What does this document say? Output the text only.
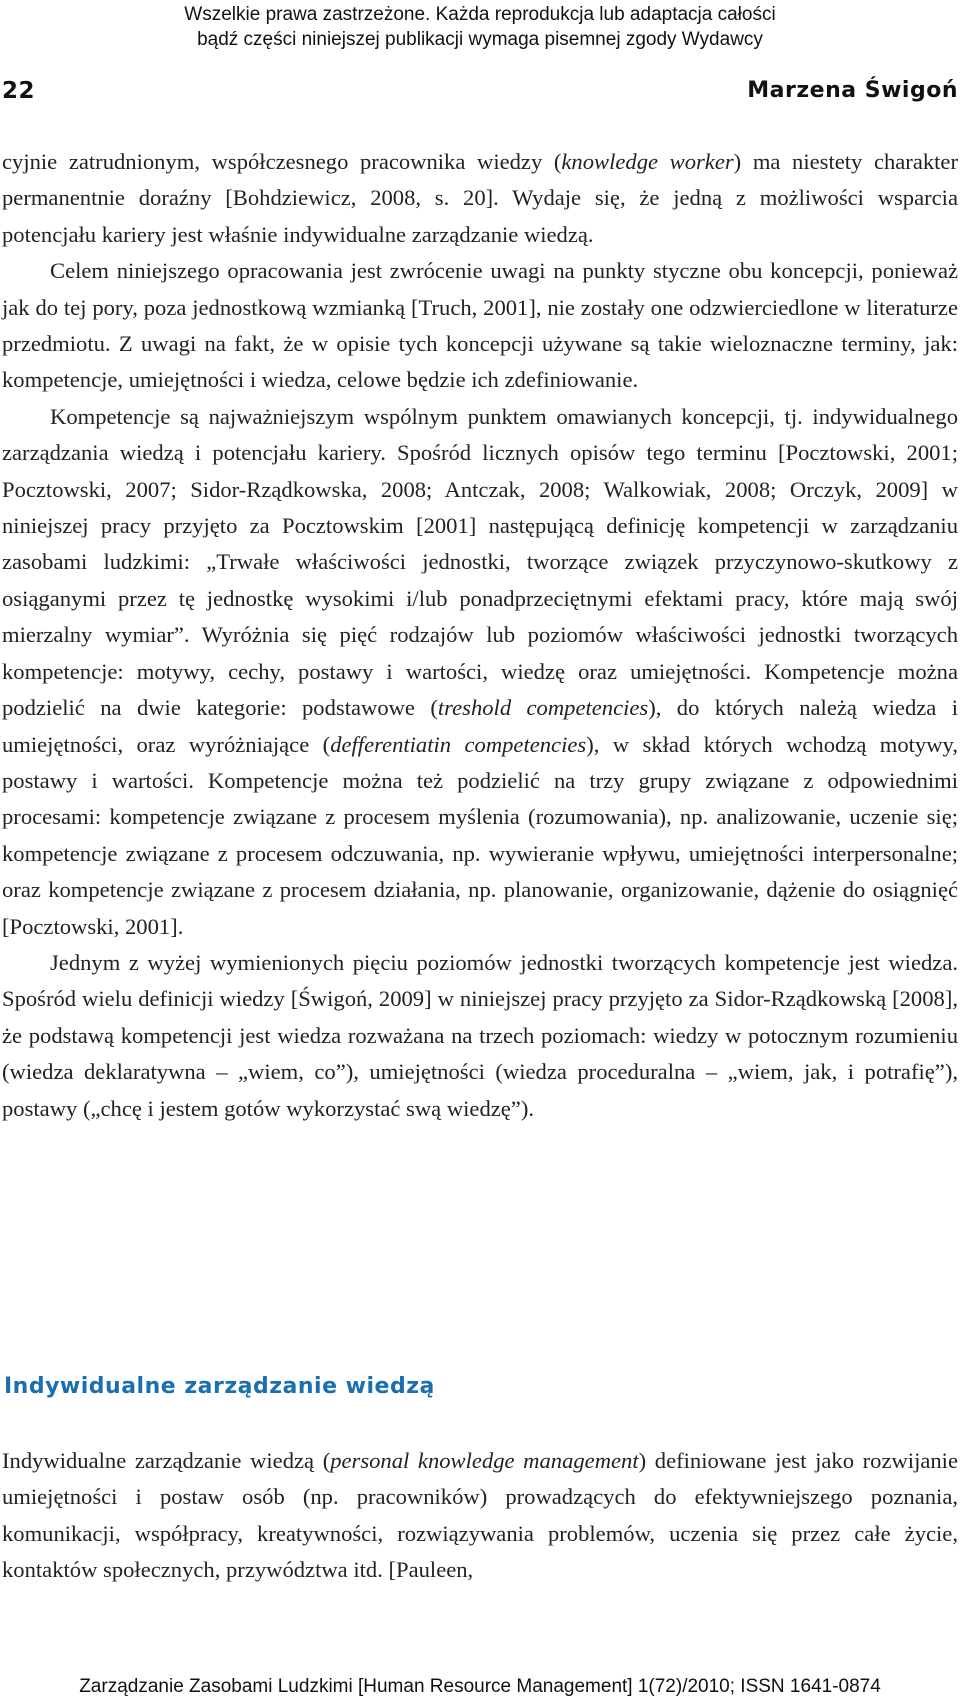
Wszelkie prawa zastrzeżone. Każda reprodukcja lub adaptacja całości
bądź części niniejszej publikacji wymaga pisemnej zgody Wydawcy
22	Marzena Świgoń

cyjnie zatrudnionym, współczesnego pracownika wiedzy (knowledge worker) ma niestety charakter permanentnie doraźny [Bohdziewicz, 2008, s. 20]. Wydaje się, że jedną z możliwości wsparcia potencjału kariery jest właśnie indywidualne zarządzanie wiedzą.

Celem niniejszego opracowania jest zwrócenie uwagi na punkty styczne obu koncepcji, ponieważ jak do tej pory, poza jednostkową wzmianką [Truch, 2001], nie zostały one odzwierciedlone w literaturze przedmiotu. Z uwagi na fakt, że w opisie tych koncepcji używane są takie wieloznaczne terminy, jak: kompetencje, umiejętności i wiedza, celowe będzie ich zdefiniowanie.

Kompetencje są najważniejszym wspólnym punktem omawianych koncepcji, tj. indywidualnego zarządzania wiedzą i potencjału kariery. Spośród licznych opisów tego terminu [Pocztowski, 2001; Pocztowski, 2007; Sidor-Rządkowska, 2008; Antczak, 2008; Walkowiak, 2008; Orczyk, 2009] w niniejszej pracy przyjęto za Pocztowskim [2001] następującą definicję kompetencji w zarządzaniu zasobami ludzkimi: „Trwałe właściwości jednostki, tworzące związek przyczynowo-skutkowy z osiąganymi przez tę jednostkę wysokimi i/lub ponadprzeciętnymi efektami pracy, które mają swój mierzalny wymiar”. Wyróżnia się pięć rodzajów lub poziomów właściwości jednostki tworzących kompetencje: motywy, cechy, postawy i wartości, wiedzę oraz umiejętności. Kompetencje można podzielić na dwie kategorie: podstawowe (treshold competencies), do których należą wiedza i umiejętności, oraz wyróżniające (defferentiatin competencies), w skład których wchodzą motywy, postawy i wartości. Kompetencje można też podzielić na trzy grupy związane z odpowiednimi procesami: kompetencje związane z procesem myślenia (rozumowania), np. analizowanie, uczenie się; kompetencje związane z procesem odczuwania, np. wywieranie wpływu, umiejętności interpersonalne; oraz kompetencje związane z procesem działania, np. planowanie, organizowanie, dążenie do osiągnięć [Pocztowski, 2001].

Jednym z wyżej wymienionych pięciu poziomów jednostki tworzących kompetencje jest wiedza. Spośród wielu definicji wiedzy [Świgoń, 2009] w niniejszej pracy przyjęto za Sidor-Rządkowską [2008], że podstawą kompetencji jest wiedza rozważana na trzech poziomach: wiedzy w potocznym rozumieniu (wiedza deklaratywna – „wiem, co”), umiejętności (wiedza proceduralna – „wiem, jak, i potrafię”), postawy („chcę i jestem gotów wykorzystać swą wiedzę”).

Indywidualne zarządzanie wiedzą

Indywidualne zarządzanie wiedzą (personal knowledge management) definiowane jest jako rozwijanie umiejętności i postaw osób (np. pracowników) prowadzących do efektywniejszego poznania, komunikacji, współpracy, kreatywności, rozwiązywania problemów, uczenia się przez całe życie, kontaktów społecznych, przywództwa itd. [Pauleen,

Zarządzanie Zasobami Ludzkimi [Human Resource Management] 1(72)/2010; ISSN 1641-0874
